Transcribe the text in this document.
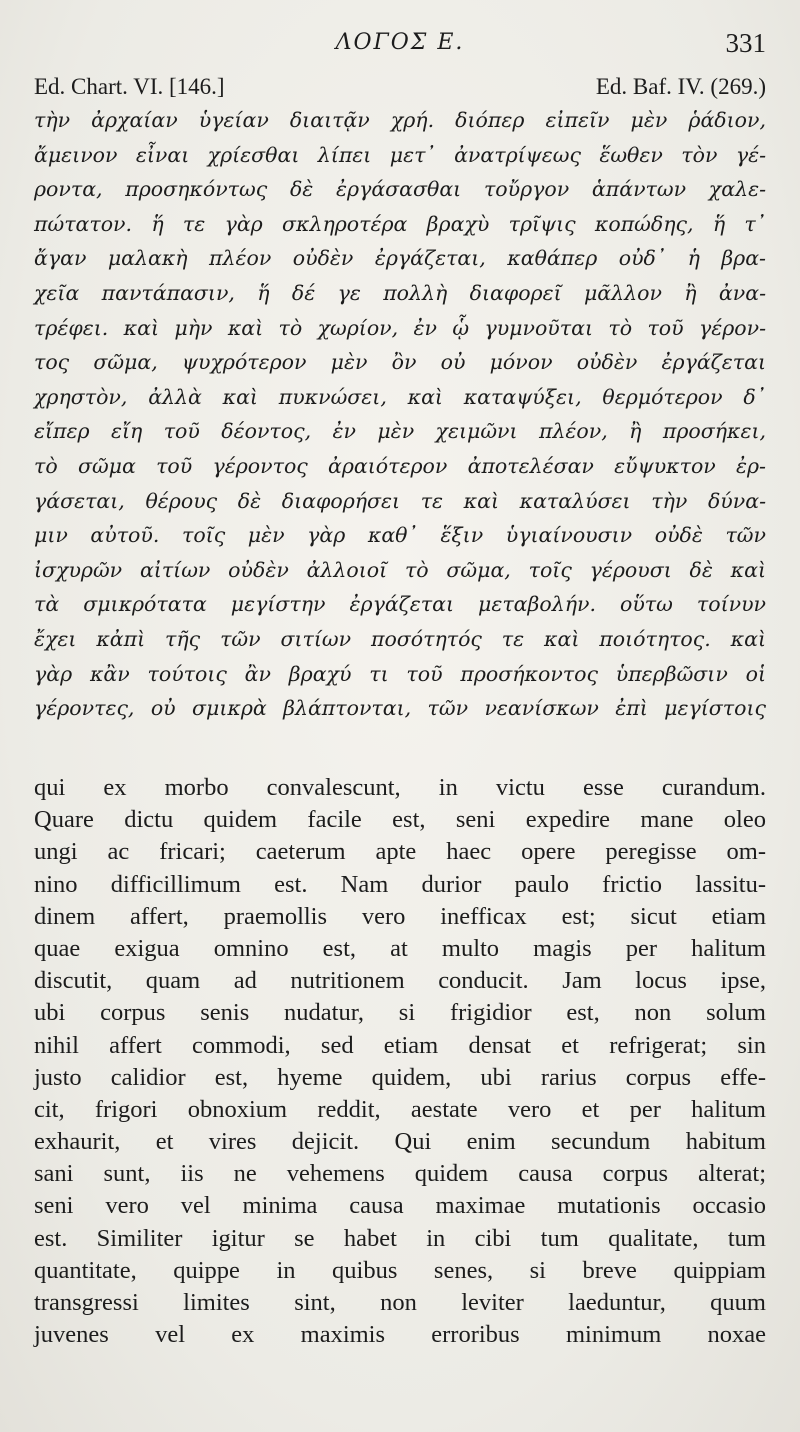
ΛΟΓΟΣ Ε.	331
Ed. Chart. VI. [146.]	Ed. Baf. IV. (269.)
τὴν ἀρχαίαν ὑγείαν διαιτᾷν χρή. διόπερ εἰπεῖν μὲν ῥάδιον,
ἄμεινον εἶναι χρίεσθαι λίπει μετ᾽ ἀνατρίψεως ἕωθεν τὸν γέ-
ροντα, προσηκόντως δὲ ἐργάσασθαι τοὔργον ἁπάντων χαλε-
πώτατον. ἥ τε γὰρ σκληροτέρα βραχὺ τρῖψις κοπώδης, ἥ τ᾽
ἄγαν μαλακὴ πλέον οὐδὲν ἐργάζεται, καθάπερ οὐδ᾽ ἡ βρα-
χεῖα παντάπασιν, ἥ δέ γε πολλὴ διαφορεῖ μᾶλλον ἢ ἀνα-
τρέφει. καὶ μὴν καὶ τὸ χωρίον, ἐν ᾧ γυμνοῦται τὸ τοῦ γέρον-
τος σῶμα, ψυχρότερον μὲν ὂν οὐ μόνον οὐδὲν ἐργάζεται
χρηστὸν, ἀλλὰ καὶ πυκνώσει, καὶ καταψύξει, θερμότερον δ᾽
εἴπερ εἴη τοῦ δέοντος, ἐν μὲν χειμῶνι πλέον, ἢ προσήκει,
τὸ σῶμα τοῦ γέροντος ἀραιότερον ἀποτελέσαν εὔψυκτον ἐρ-
γάσεται, θέρους δὲ διαφορήσει τε καὶ καταλύσει τὴν δύνα-
μιν αὐτοῦ. τοῖς μὲν γὰρ καθ᾽ ἕξιν ὑγιαίνουσιν οὐδὲ τῶν
ἰσχυρῶν αἰτίων οὐδὲν ἀλλοιοῖ τὸ σῶμα, τοῖς γέρουσι δὲ καὶ
τὰ σμικρότατα μεγίστην ἐργάζεται μεταβολήν. οὕτω τοίνυν
ἔχει κἀπὶ τῆς τῶν σιτίων ποσότητός τε καὶ ποιότητος. καὶ
γὰρ κἂν τούτοις ἂν βραχύ τι τοῦ προσήκοντος ὑπερβῶσιν οἱ
γέροντες, οὐ σμικρὰ βλάπτονται, τῶν νεανίσκων ἐπὶ μεγίστοις
qui ex morbo convalescunt, in victu esse curandum.
Quare dictu quidem facile est, seni expedire mane oleo
ungi ac fricari; caeterum apte haec opere peregisse om-
nino difficillimum est. Nam durior paulo frictio lassitu-
dinem affert, praemollis vero inefficax est; sicut etiam
quae exigua omnino est, at multo magis per halitum
discutit, quam ad nutritionem conducit. Jam locus ipse,
ubi corpus senis nudatur, si frigidior est, non solum
nihil affert commodi, sed etiam densat et refrigerat; sin
justo calidior est, hyeme quidem, ubi rarius corpus effe-
cit, frigori obnoxium reddit, aestate vero et per halitum
exhaurit, et vires dejicit. Qui enim secundum habitum
sani sunt, iis ne vehemens quidem causa corpus alterat;
seni vero vel minima causa maximae mutationis occasio
est. Similiter igitur se habet in cibi tum qualitate, tum
quantitate, quippe in quibus senes, si breve quippiam
transgressi limites sint, non leviter laeduntur, quum
juvenes vel ex maximis erroribus minimum noxae
